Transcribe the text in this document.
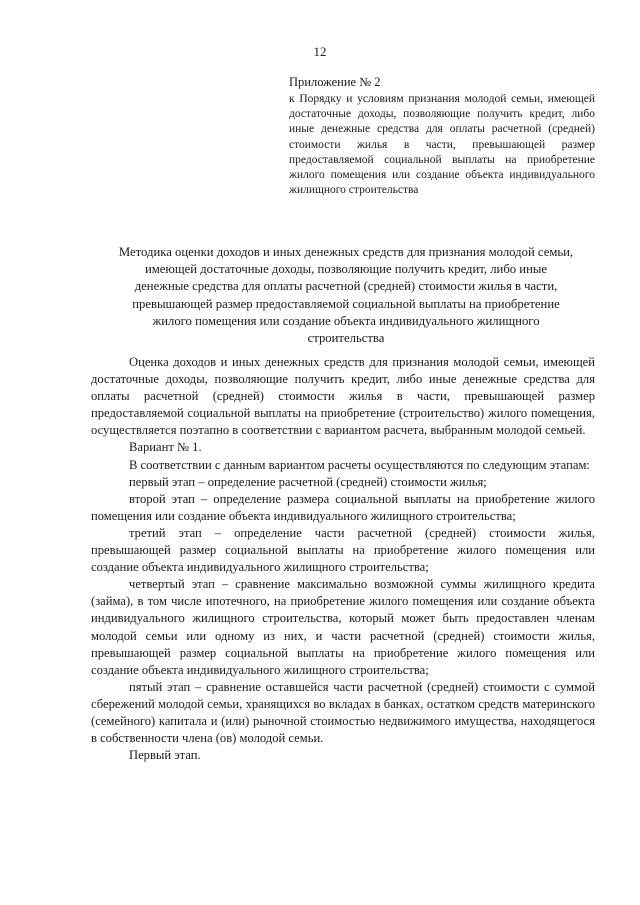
12
Приложение № 2
к Порядку и условиям признания молодой семьи, имеющей достаточные доходы, позволяющие получить кредит, либо иные денежные средства для оплаты расчетной (средней) стоимости жилья в части, превышающей размер предоставляемой социальной выплаты на приобретение жилого помещения или создание объекта индивидуального жилищного строительства
Методика оценки доходов и иных денежных средств для признания молодой семьи, имеющей достаточные доходы, позволяющие получить кредит, либо иные денежные средства для оплаты расчетной (средней) стоимости жилья в части, превышающей размер предоставляемой социальной выплаты на приобретение жилого помещения или создание объекта индивидуального жилищного строительства

Оценка доходов и иных денежных средств для признания молодой семьи, имеющей достаточные доходы, позволяющие получить кредит, либо иные денежные средства для оплаты расчетной (средней) стоимости жилья в части, превышающей размер предоставляемой социальной выплаты на приобретение (строительство) жилого помещения, осуществляется поэтапно в соответствии с вариантом расчета, выбранным молодой семьей.

Вариант № 1.

В соответствии с данным вариантом расчеты осуществляются по следующим этапам:

первый этап – определение расчетной (средней) стоимости жилья;

второй этап – определение размера социальной выплаты на приобретение жилого помещения или создание объекта индивидуального жилищного строительства;

третий этап – определение части расчетной (средней) стоимости жилья, превышающей размер социальной выплаты на приобретение жилого помещения или создание объекта индивидуального жилищного строительства;

четвертый этап – сравнение максимально возможной суммы жилищного кредита (займа), в том числе ипотечного, на приобретение жилого помещения или создание объекта индивидуального жилищного строительства, который может быть предоставлен членам молодой семьи или одному из них, и части расчетной (средней) стоимости жилья, превышающей размер социальной выплаты на приобретение жилого помещения или создание объекта индивидуального жилищного строительства;

пятый этап – сравнение оставшейся части расчетной (средней) стоимости с суммой сбережений молодой семьи, хранящихся во вкладах в банках, остатком средств материнского (семейного) капитала и (или) рыночной стоимостью недвижимого имущества, находящегося в собственности члена (ов) молодой семьи.

Первый этап.
